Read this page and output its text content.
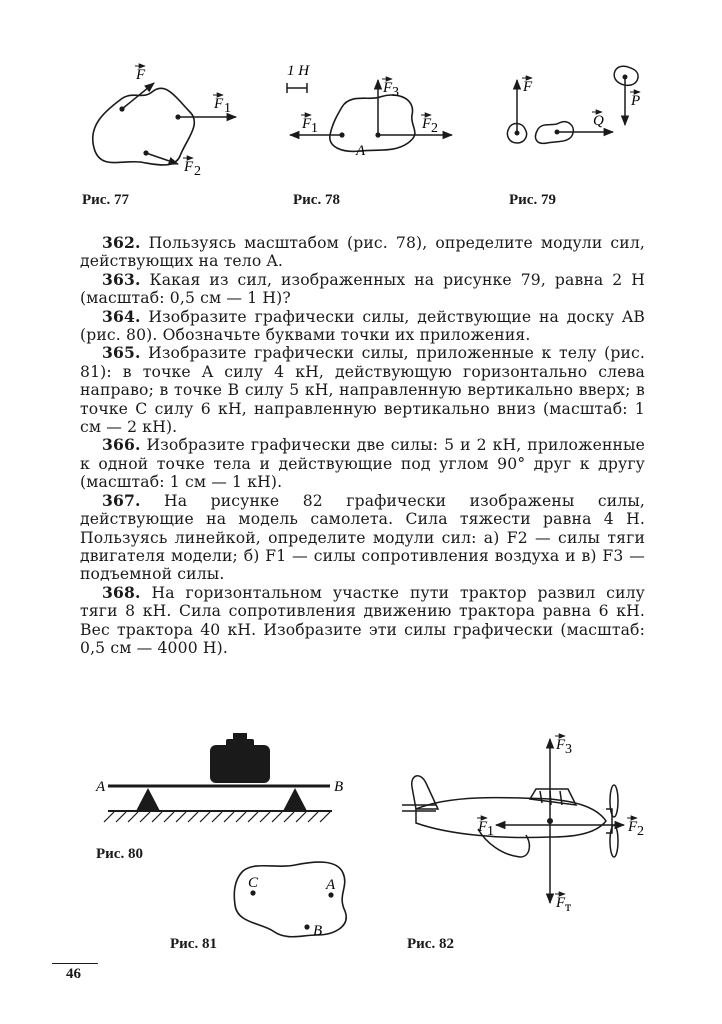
F
F 1
F 2
Рис. 77
1 Н
F 3
F 1	F 2
A
Рис. 78
F
Q
P
Рис. 79

362. Пользуясь масштабом (рис. 78), определите модули сил, действующих на тело A.

363. Какая из сил, изображенных на рисунке 79, равна 2 Н (масштаб: 0,5 см — 1 Н)?

364. Изобразите графически силы, действующие на доску AB (рис. 80). Обозначьте буквами точки их приложения.

365. Изобразите графически силы, приложенные к телу (рис. 81): в точке A силу 4 кН, действующую горизонтально слева направо; в точке B силу 5 кН, направленную вертикально вверх; в точке C силу 6 кН, направленную вертикально вниз (масштаб: 1 см — 2 кН).

366. Изобразите графически две силы: 5 и 2 кН, приложенные к одной точке тела и действующие под углом 90° друг к другу (масштаб: 1 см — 1 кН).

367. На рисунке 82 графически изображены силы, действующие на модель самолета. Сила тяжести равна 4 Н. Пользуясь линейкой, определите модули сил: а) F2 — силы тяги двигателя модели; б) F1 — силы сопротивления воздуха и в) F3 — подъемной силы.

368. На горизонтальном участке пути трактор развил силу тяги 8 кН. Сила сопротивления движению трактора равна 6 кН. Вес трактора 40 кН. Изобразите эти силы графически (масштаб: 0,5 см — 4000 Н).

A	B
Рис. 80
C	A
B
Рис. 81
F 3
F 1	F 2
F т
Рис. 82
46
